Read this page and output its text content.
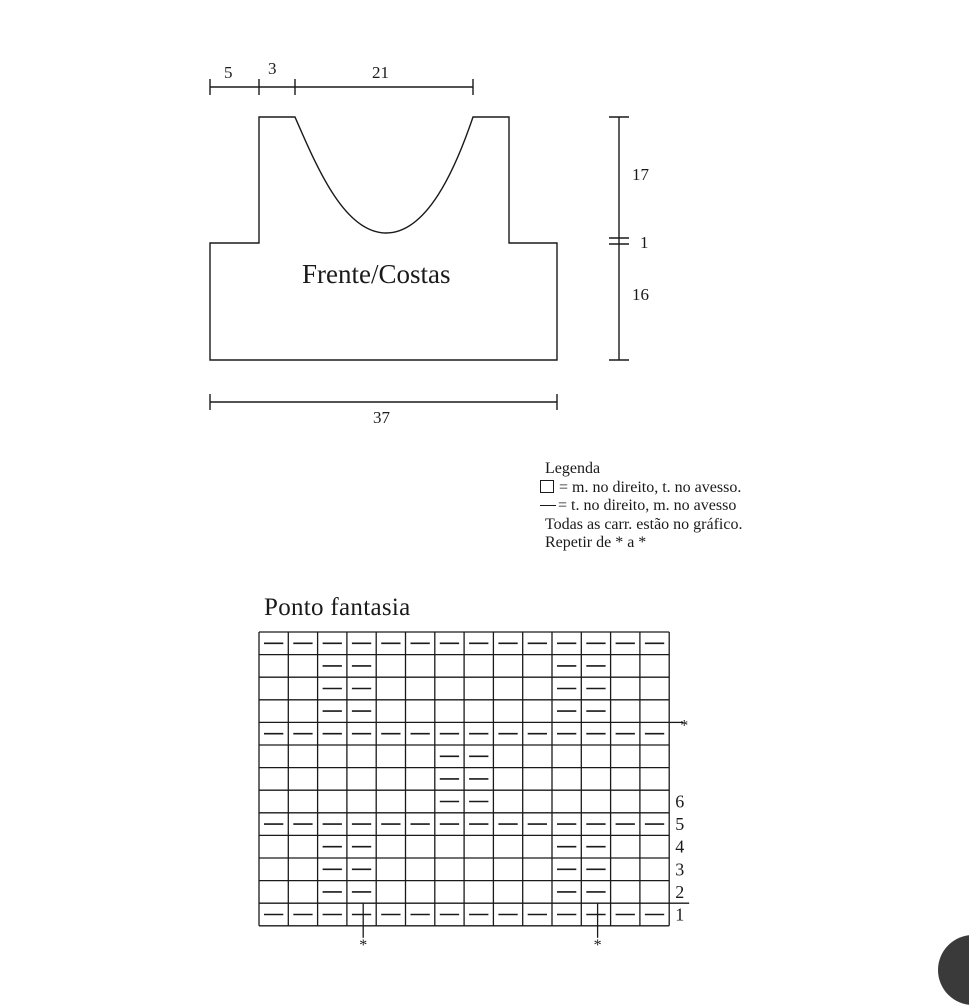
5 3	21
17
1
16
37
Frente/Costas
Legenda
= m. no direito, t. no avesso.
= t. no direito, m. no avesso
Todas as carr. estão no gráfico.
Repetir de * a *
Ponto fantasia
*
*	*
1
2
3
4
5
6
